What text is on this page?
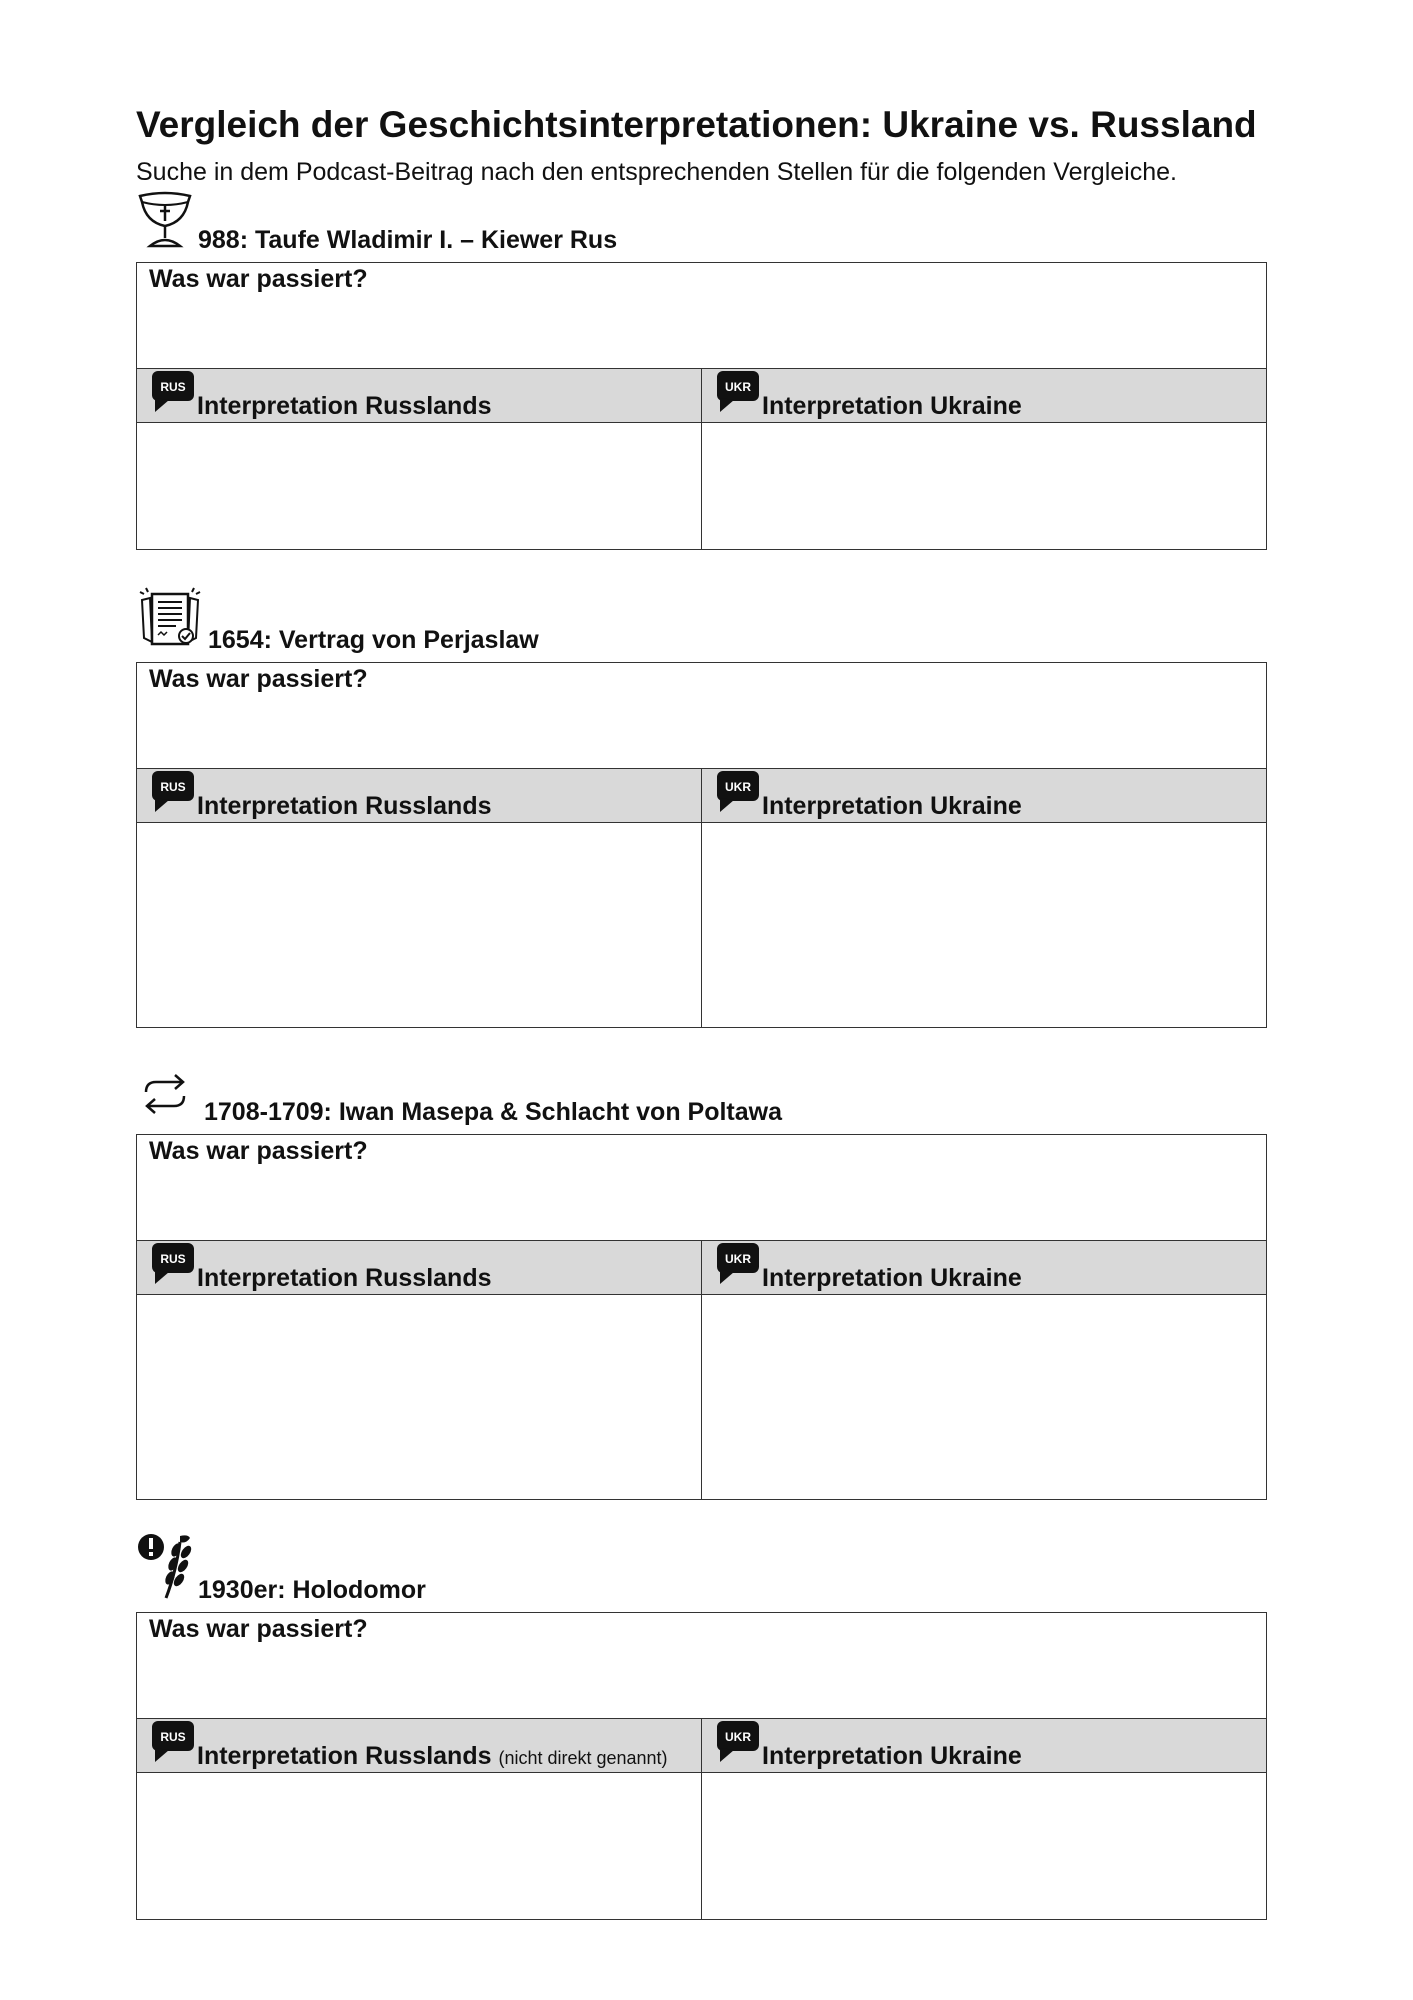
Vergleich der Geschichtsinterpretationen: Ukraine vs. Russland

Suche in dem Podcast-Beitrag nach den entsprechenden Stellen für die folgenden Vergleiche.

988: Taufe Wladimir I. – Kiewer Rus
Was war passiert?
RUS
Interpretation Russlands
UKR
Interpretation Ukraine
1654: Vertrag von Perjaslaw
Was war passiert?
RUS
Interpretation Russlands
UKR
Interpretation Ukraine
1708-1709: Iwan Masepa & Schlacht von Poltawa
Was war passiert?
RUS
Interpretation Russlands
UKR
Interpretation Ukraine
1930er: Holodomor
Was war passiert?
RUS
Interpretation Russlands (nicht direkt genannt)
UKR
Interpretation Ukraine
